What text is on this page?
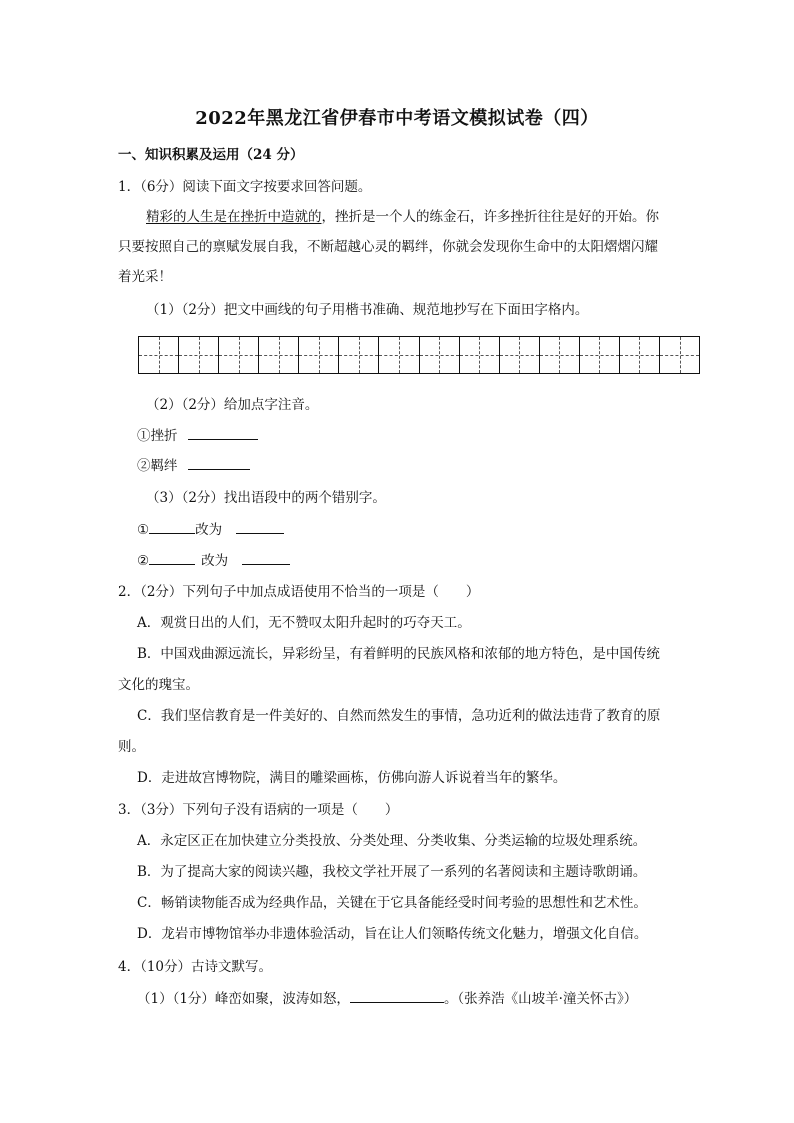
2022年黑龙江省伊春市中考语文模拟试卷（四）
一、知识积累及运用（24 分）
1．（6分）阅读下面文字按要求回答问题。
精彩的人生是在挫折中造就的，挫折是一个人的练金石，许多挫折往往是好的开始。你
只要按照自己的禀赋发展自我，不断超越心灵的羁绊，你就会发现你生命中的太阳熠熠闪耀
着光采！
（1）（2分）把文中画线的句子用楷书准确、规范地抄写在下面田字格内。
（2）（2分）给加点字注音。
①挫折
②羁绊
（3）（2分）找出语段中的两个错别字。
①	改为
②	改为
2．（2分）下列句子中加点成语使用不恰当的一项是（　　）
A．观赏日出的人们，无不赞叹太阳升起时的巧夺天工。
B．中国戏曲源远流长，异彩纷呈，有着鲜明的民族风格和浓郁的地方特色，是中国传统
文化的瑰宝。
C．我们坚信教育是一件美好的、自然而然发生的事情，急功近利的做法违背了教育的原
则。
D．走进故宫博物院，满目的雕梁画栋，仿佛向游人诉说着当年的繁华。
3．（3分）下列句子没有语病的一项是（　　）
A．永定区正在加快建立分类投放、分类处理、分类收集、分类运输的垃圾处理系统。
B．为了提高大家的阅读兴趣，我校文学社开展了一系列的名著阅读和主题诗歌朗诵。
C．畅销读物能否成为经典作品，关键在于它具备能经受时间考验的思想性和艺术性。
D．龙岩市博物馆举办非遗体验活动，旨在让人们领略传统文化魅力，增强文化自信。
4．（10分）古诗文默写。
（1）（1分）峰峦如聚，波涛如怒，	。（张养浩《山坡羊·潼关怀古》）
